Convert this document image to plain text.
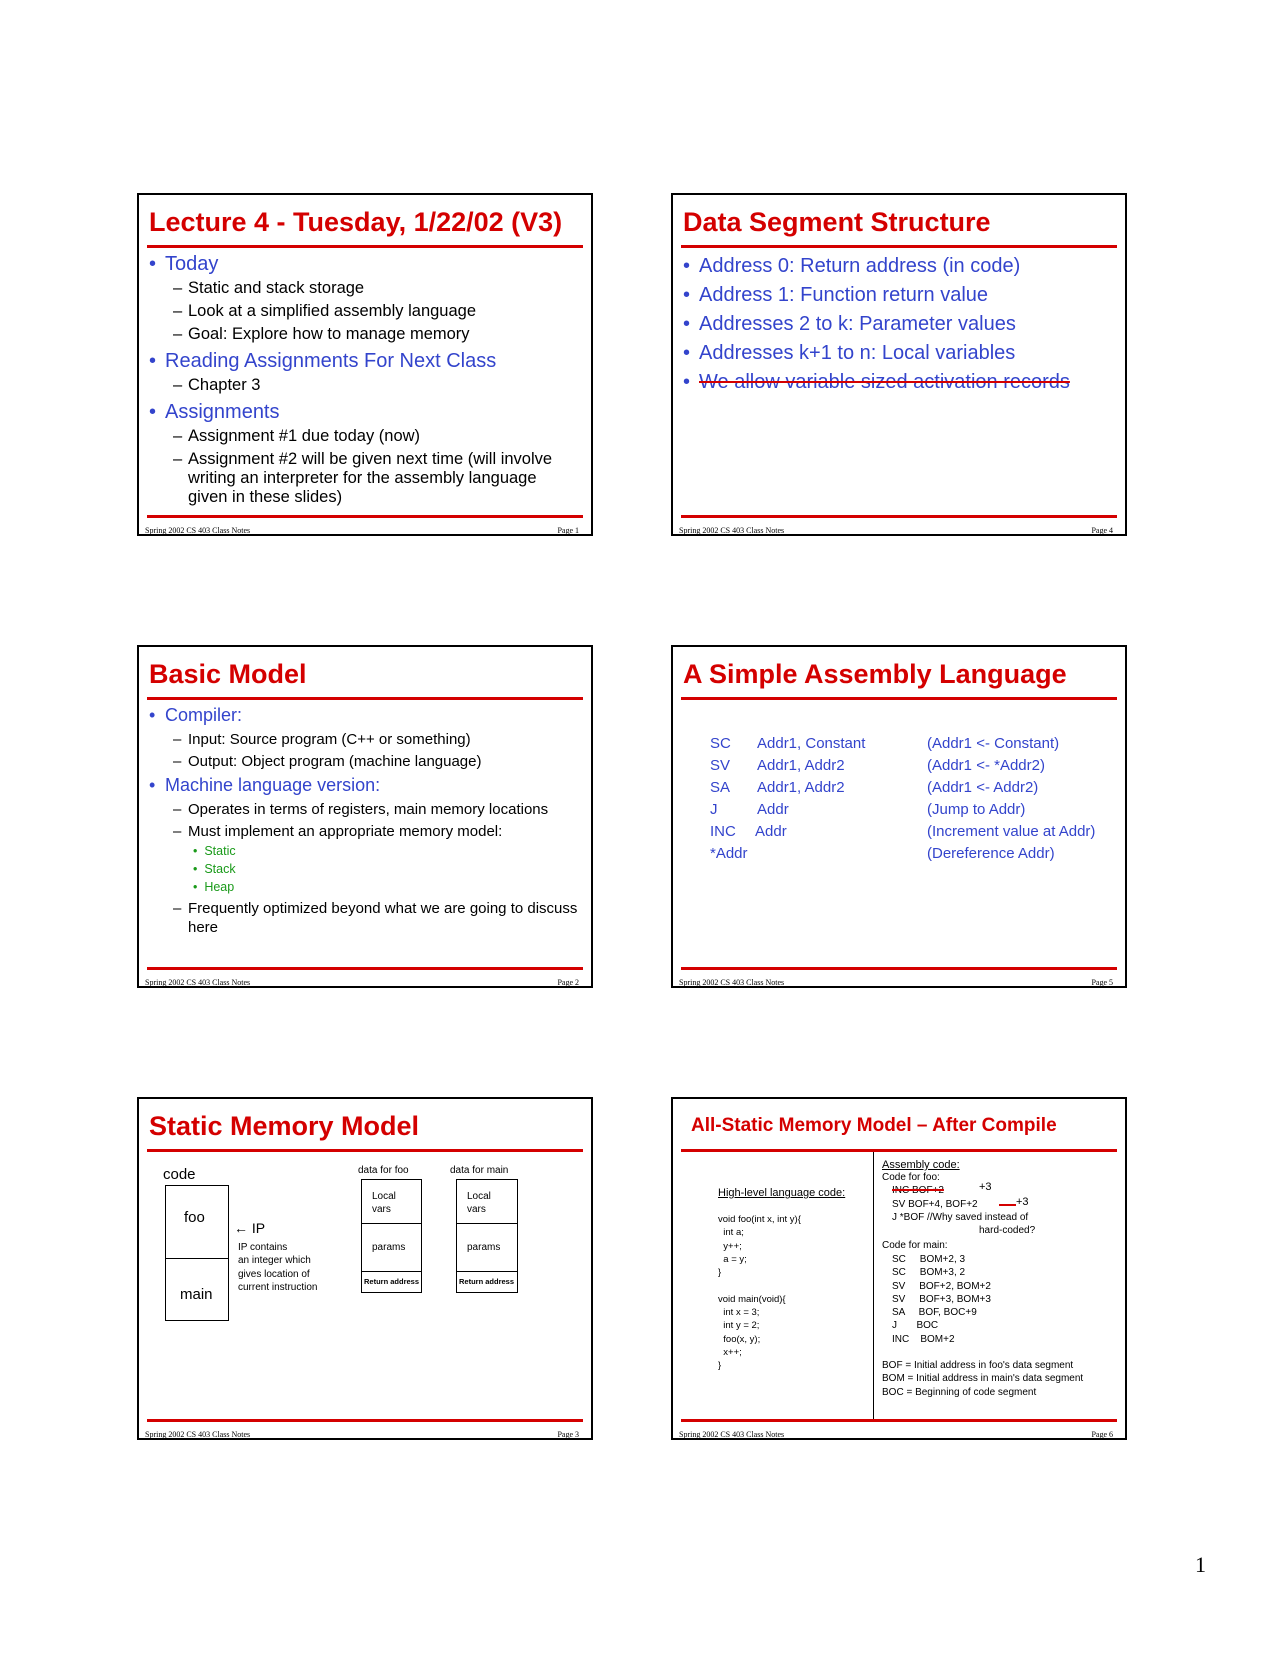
Lecture 4 - Tuesday, 1/22/02 (V3)
• Today
– Static and stack storage
– Look at a simplified assembly language
– Goal: Explore how to manage memory
• Reading Assignments For Next Class
– Chapter 3
• Assignments
– Assignment #1 due today (now)
– Assignment #2 will be given next time (will involve writing an interpreter for the assembly language given in these slides)
Spring 2002 CS 403 Class Notes	Page 1
Data Segment Structure
• Address 0: Return address (in code)
• Address 1: Function return value
• Addresses 2 to k: Parameter values
• Addresses k+1 to n: Local variables
• We allow variable sized activation records
Spring 2002 CS 403 Class Notes	Page 4
Basic Model
• Compiler:
– Input: Source program (C++ or something)
– Output: Object program (machine language)
• Machine language version:
– Operates in terms of registers, main memory locations
– Must implement an appropriate memory model:
•  Static
•  Stack
•  Heap
– Frequently optimized beyond what we are going to discuss here
Spring 2002 CS 403 Class Notes	Page 2
A Simple Assembly Language
SC Addr1, Constant	(Addr1 <- Constant)
SV Addr1, Addr2	(Addr1 <- *Addr2)
SA Addr1, Addr2	(Addr1 <- Addr2)
J	Addr	(Jump to Addr)
INC Addr	(Increment value at Addr)
*Addr	(Dereference Addr)
Spring 2002 CS 403 Class Notes	Page 5
Static Memory Model
code
foo
main
← IP
IP contains
an integer which
gives location of
current instruction
data for foo
Local
vars
params
Return address
data for main
Local
vars
params
Return address
Spring 2002 CS 403 Class Notes	Page 3
All-Static Memory Model – After Compile
High-level language code:
void foo(int x, int y){
int a;
y++;
a = y;
}

void main(void){
int x = 3;
int y = 2;
foo(x, y);
x++;
}
Assembly code:
Code for foo:
INC BOF+2	+3
SV BOF+4, BOF+2	+3
J *BOF //Why saved instead of
hard-coded?
Code for main:
SC     BOM+2, 3
SC     BOM+3, 2
SV     BOF+2, BOM+2
SV     BOF+3, BOM+3
SA     BOF, BOC+9
J       BOC
INC    BOM+2
BOF = Initial address in foo's data segment
BOM = Initial address in main's data segment
BOC = Beginning of code segment
Spring 2002 CS 403 Class Notes	Page 6
1
